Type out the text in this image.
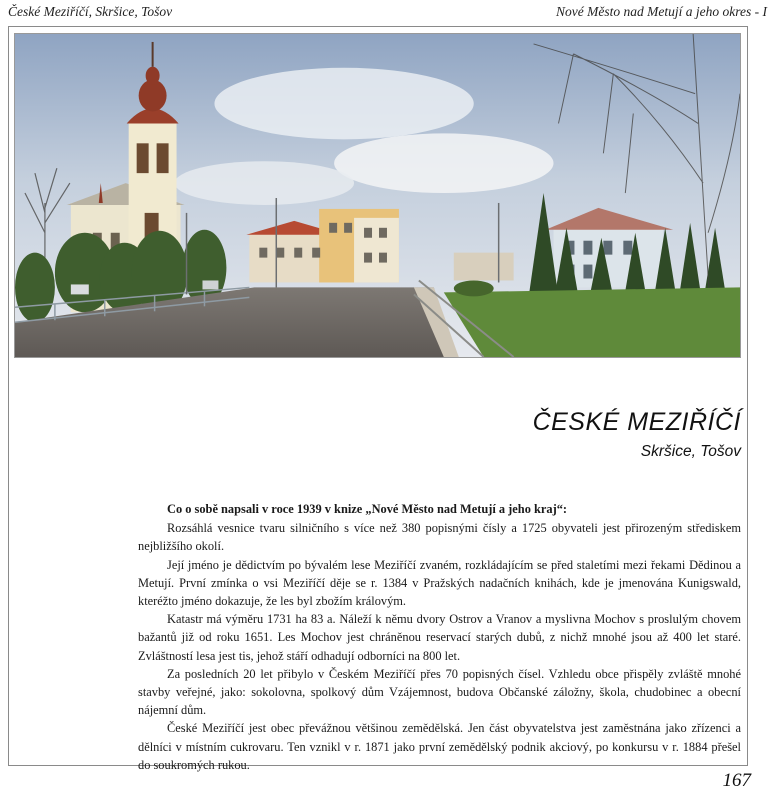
České Meziříčí, Skršice, Tošov	Nové Město nad Metují a jeho okres - I
ČESKÉ MEZIŘÍČÍ
Skršice, Tošov

Co o sobě napsali v roce 1939 v knize „Nové Město nad Metují a jeho kraj“:

Rozsáhlá vesnice tvaru silničního s více než 380 popisnými čísly a 1725 obyvateli jest přirozeným střediskem nejbližšího okolí.

Její jméno je dědictvím po bývalém lese Meziříčí zvaném, rozkládajícím se před staletími mezi řekami Dědinou a Metují. První zmínka o vsi Meziříčí děje se r. 1384 v Pražských nadačních knihách, kde je jmenována Kunigswald, kteréžto jméno dokazuje, že les byl zbožím královým.

Katastr má výměru 1731 ha 83 a. Náleží k němu dvory Ostrov a Vranov a myslivna Mochov s proslulým chovem bažantů již od roku 1651. Les Mochov jest chráněnou reservací starých dubů, z nichž mnohé jsou až 400 let staré. Zvláštností lesa jest tis, jehož stáří odhadují odborníci na 800 let.

Za posledních 20 let přibylo v Českém Meziříčí přes 70 popisných čísel. Vzhledu obce přispěly zvláště mnohé stavby veřejné, jako: sokolovna, spolkový dům Vzájemnost, budova Občanské záložny, škola, chudobinec a obecní nájemní dům.

České Meziříčí jest obec převážnou většinou zemědělská. Jen část obyvatelstva jest zaměstnána jako zřízenci a dělníci v místním cukrovaru. Ten vznikl v r. 1871 jako první zemědělský podnik akciový, po konkursu v r. 1884 přešel do soukromých rukou.

167
